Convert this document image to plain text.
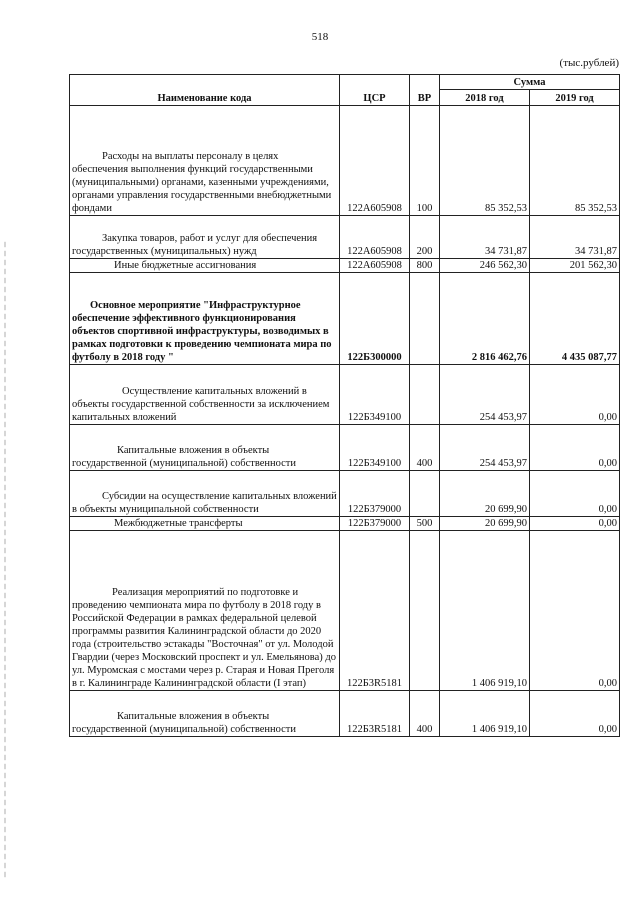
518
(тыс.рублей)
Наименование кода	ЦСР	ВР	Сумма	
			2018 год	2019 год

Расходы на выплаты персоналу в целях обеспечения выполнения функций государственными (муниципальными) органами, казенными учреждениями, органами управления государственными внебюджетными фондами	122А605908	100	85 352,53	85 352,53

Закупка товаров, работ и услуг для обеспечения государственных (муниципальных) нужд	122А605908	200	34 731,87	34 731,87

Иные бюджетные ассигнования	122А605908	800	246 562,30	201 562,30

Основное мероприятие "Инфраструктурное обеспечение эффективного функционирования объектов спортивной инфраструктуры, возводимых в рамках подготовки к проведению чемпионата мира по футболу в 2018 году "	122Б300000		2 816 462,76	4 435 087,77

Осуществление капитальных вложений в объекты государственной собственности за исключением капитальных вложений	122Б349100		254 453,97	0,00

Капитальные вложения в объекты государственной (муниципальной) собственности	122Б349100	400	254 453,97	0,00

Субсидии на осуществление капитальных вложений в объекты муниципальной собственности	122Б379000		20 699,90	0,00

Межбюджетные трансферты	122Б379000	500	20 699,90	0,00

Реализация мероприятий по подготовке и проведению чемпионата мира по футболу в 2018 году в Российской Федерации в рамках федеральной целевой программы развития Калининградской области до 2020 года (строительство эстакады "Восточная" от ул. Молодой Гвардии (через Московский проспект и ул. Емельянова) до ул. Муромская с мостами через р. Старая и Новая Преголя в г. Калининграде Калининградской области (I этап)	122Б3R5181		1 406 919,10	0,00

Капитальные вложения в объекты государственной (муниципальной) собственности	122Б3R5181	400	1 406 919,10	0,00
